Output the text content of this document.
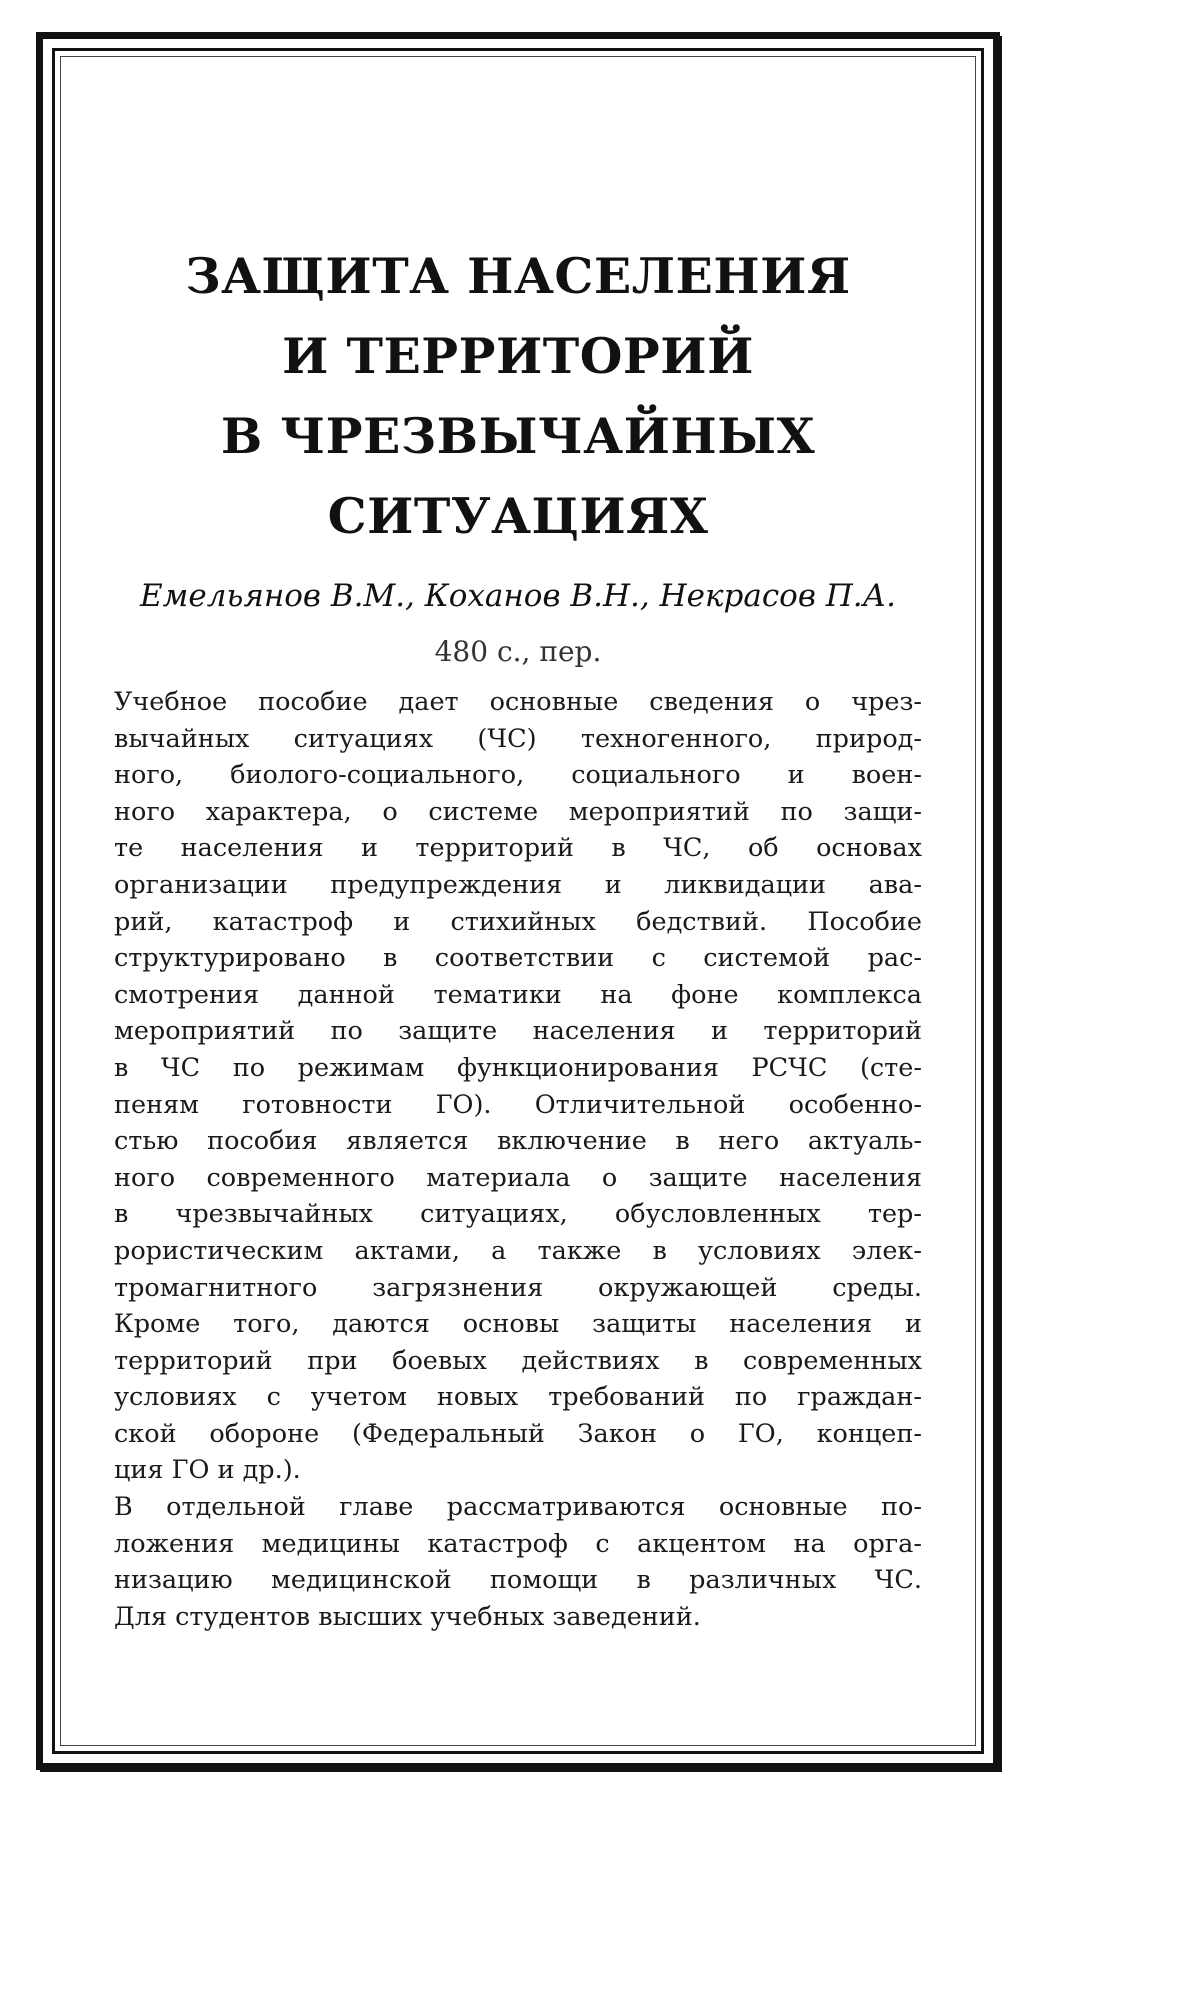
ЗАЩИТА НАСЕЛЕНИЯ
И ТЕРРИТОРИЙ
В ЧРЕЗВЫЧАЙНЫХ
СИТУАЦИЯХ
Емельянов В.М., Коханов В.Н., Некрасов П.А.
480 с., пер.
Учебное пособие дает основные сведения о чрез-
вычайных ситуациях (ЧС) техногенного, природ-
ного, биолого-социального, социального и воен-
ного характера, о системе мероприятий по защи-
те населения и территорий в ЧС, об основах
организации предупреждения и ликвидации ава-
рий, катастроф и стихийных бедствий. Пособие
структурировано в соответствии с системой рас-
смотрения данной тематики на фоне комплекса
мероприятий по защите населения и территорий
в ЧС по режимам функционирования РСЧС (сте-
пеням готовности ГО). Отличительной особенно-
стью пособия является включение в него актуаль-
ного современного материала о защите населения
в чрезвычайных ситуациях, обусловленных тер-
рористическим актами, а также в условиях элек-
тромагнитного загрязнения окружающей среды.
Кроме того, даются основы защиты населения и
территорий при боевых действиях в современных
условиях с учетом новых требований по граждан-
ской обороне (Федеральный Закон о ГО, концеп-
ция ГО и др.).
В отдельной главе рассматриваются основные по-
ложения медицины катастроф с акцентом на орга-
низацию медицинской помощи в различных ЧС.
Для студентов высших учебных заведений.
